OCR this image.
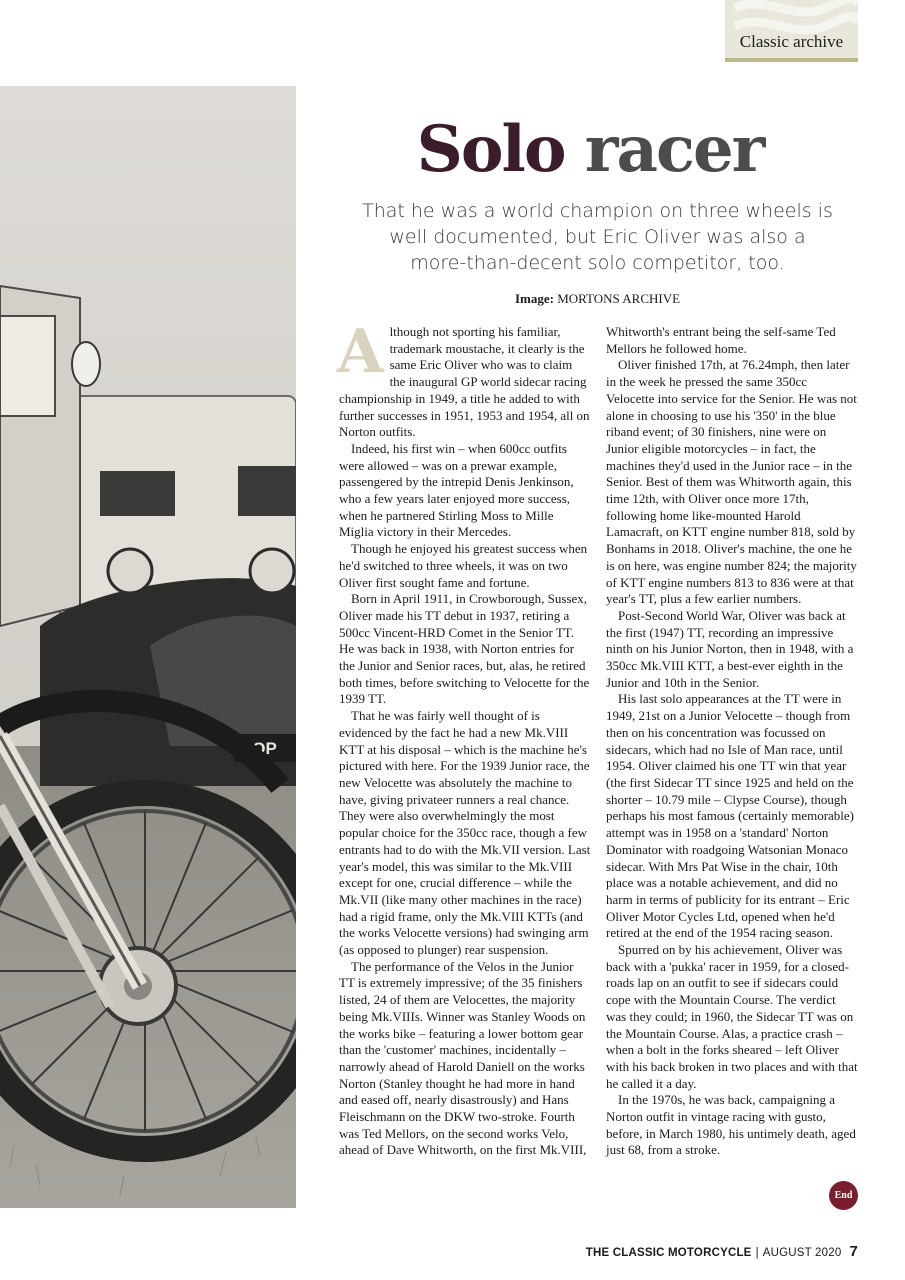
Classic archive
AOP
Solo racer
That he was a world champion on three wheels is well documented, but Eric Oliver was also a more-than-decent solo competitor, too.
Image: MORTONS ARCHIVE

Although not sporting his familiar, trademark moustache, it clearly is the same Eric Oliver who was to claim the inaugural GP world sidecar racing championship in 1949, a title he added to with further successes in 1951, 1953 and 1954, all on Norton outfits.

Indeed, his first win – when 600cc outfits were allowed – was on a prewar example, passengered by the intrepid Denis Jenkinson, who a few years later enjoyed more success, when he partnered Stirling Moss to Mille Miglia victory in their Mercedes.

Though he enjoyed his greatest success when he'd switched to three wheels, it was on two Oliver first sought fame and fortune.

Born in April 1911, in Crowborough, Sussex, Oliver made his TT debut in 1937, retiring a 500cc Vincent-HRD Comet in the Senior TT. He was back in 1938, with Norton entries for the Junior and Senior races, but, alas, he retired both times, before switching to Velocette for the 1939 TT.

That he was fairly well thought of is evidenced by the fact he had a new Mk.VIII KTT at his disposal – which is the machine he's pictured with here. For the 1939 Junior race, the new Velocette was absolutely the machine to have, giving privateer runners a real chance. They were also overwhelmingly the most popular choice for the 350cc race, though a few entrants had to do with the Mk.VII version. Last year's model, this was similar to the Mk.VIII except for one, crucial difference – while the Mk.VII (like many other machines in the race) had a rigid frame, only the Mk.VIII KTTs (and the works Velocette versions) had swinging arm (as opposed to plunger) rear suspension.

The performance of the Velos in the Junior TT is extremely impressive; of the 35 finishers listed, 24 of them are Velocettes, the majority being Mk.VIIIs. Winner was Stanley Woods on the works bike – featuring a lower bottom gear than the 'customer' machines, incidentally – narrowly ahead of Harold Daniell on the works Norton (Stanley thought he had more in hand and eased off, nearly disastrously) and Hans Fleischmann on the DKW two-stroke. Fourth was Ted Mellors, on the second works Velo, ahead of Dave Whitworth, on the first Mk.VIII,

Whitworth's entrant being the self-same Ted Mellors he followed home.

Oliver finished 17th, at 76.24mph, then later in the week he pressed the same 350cc Velocette into service for the Senior. He was not alone in choosing to use his '350' in the blue riband event; of 30 finishers, nine were on Junior eligible motorcycles – in fact, the machines they'd used in the Junior race – in the Senior. Best of them was Whitworth again, this time 12th, with Oliver once more 17th, following home like-mounted Harold Lamacraft, on KTT engine number 818, sold by Bonhams in 2018. Oliver's machine, the one he is on here, was engine number 824; the majority of KTT engine numbers 813 to 836 were at that year's TT, plus a few earlier numbers.

Post-Second World War, Oliver was back at the first (1947) TT, recording an impressive ninth on his Junior Norton, then in 1948, with a 350cc Mk.VIII KTT, a best-ever eighth in the Junior and 10th in the Senior.

His last solo appearances at the TT were in 1949, 21st on a Junior Velocette – though from then on his concentration was focussed on sidecars, which had no Isle of Man race, until 1954. Oliver claimed his one TT win that year (the first Sidecar TT since 1925 and held on the shorter – 10.79 mile – Clypse Course), though perhaps his most famous (certainly memorable) attempt was in 1958 on a 'standard' Norton Dominator with roadgoing Watsonian Monaco sidecar. With Mrs Pat Wise in the chair, 10th place was a notable achievement, and did no harm in terms of publicity for its entrant – Eric Oliver Motor Cycles Ltd, opened when he'd retired at the end of the 1954 racing season.

Spurred on by his achievement, Oliver was back with a 'pukka' racer in 1959, for a closed-roads lap on an outfit to see if sidecars could cope with the Mountain Course. The verdict was they could; in 1960, the Sidecar TT was on the Mountain Course. Alas, a practice crash – when a bolt in the forks sheared – left Oliver with his back broken in two places and with that he called it a day.

In the 1970s, he was back, campaigning a Norton outfit in vintage racing with gusto, before, in March 1980, his untimely death, aged just 68, from a stroke.

End
THE CLASSIC MOTORCYCLE | AUGUST 2020 7
